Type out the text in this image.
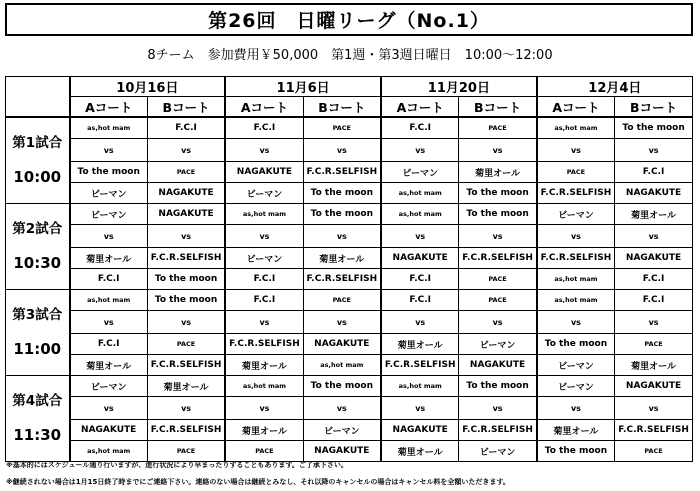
第26回　日曜リーグ（No.1）
8チーム　参加費用￥50,000　第1週・第3週日曜日　10:00～12:00
	10月16日		11月6日		11月20日		12月4日	
	Aコート	Bコート	Aコート	Bコート	Aコート	Bコート	Aコート	Bコート

第1試合
10:00	as,hot mam	F.C.I	F.C.I	PACE	F.C.I	PACE	as,hot mam	To the moon
	vs	vs	vs	vs	vs	vs	vs	vs
	To the moon	PACE	NAGAKUTE	F.C.R.SELFISH	ビーマン	菊里オール	PACE	F.C.I
	ビーマン	NAGAKUTE	ビーマン	To the moon	as,hot mam	To the moon	F.C.R.SELFISH	NAGAKUTE

第2試合
10:30	ビーマン	NAGAKUTE	as,hot mam	To the moon	as,hot mam	To the moon	ビーマン	菊里オール
	vs	vs	vs	vs	vs	vs	vs	vs
	菊里オール	F.C.R.SELFISH	ビーマン	菊里オール	NAGAKUTE	F.C.R.SELFISH	F.C.R.SELFISH	NAGAKUTE
	F.C.I	To the moon	F.C.I	F.C.R.SELFISH	F.C.I	PACE	as,hot mam	F.C.I

第3試合
11:00	as,hot mam	To the moon	F.C.I	PACE	F.C.I	PACE	as,hot mam	F.C.I
	vs	vs	vs	vs	vs	vs	vs	vs
	F.C.I	PACE	F.C.R.SELFISH	NAGAKUTE	菊里オール	ビーマン	To the moon	PACE
	菊里オール	F.C.R.SELFISH	菊里オール	as,hot mam	F.C.R.SELFISH	NAGAKUTE	ビーマン	菊里オール

第4試合
11:30	ビーマン	菊里オール	as,hot mam	To the moon	as,hot mam	To the moon	ビーマン	NAGAKUTE
	vs	vs	vs	vs	vs	vs	vs	vs
	NAGAKUTE	F.C.R.SELFISH	菊里オール	ビーマン	NAGAKUTE	F.C.R.SELFISH	菊里オール	F.C.R.SELFISH
	as,hot mam	PACE	PACE	NAGAKUTE	菊里オール	ビーマン	To the moon	PACE
※基本的にはスケジュール通り行いますが、進行状況により早まったりすることもあります。ご了承下さい。
※継続されない場合は1月15日終了時までにご連絡下さい。連絡のない場合は継続とみなし、それ以降のキャンセルの場合はキャンセル料を全額いただきます。
